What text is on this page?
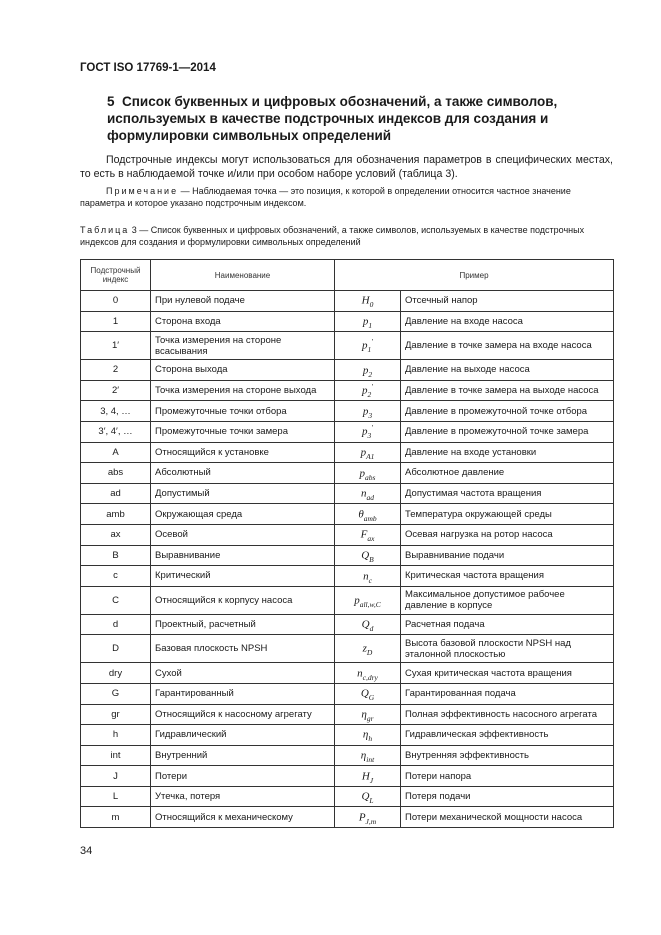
ГОСТ ISO 17769-1—2014
5 Список буквенных и цифровых обозначений, а также символов, используемых в качестве подстрочных индексов для создания и формулировки символьных определений
Подстрочные индексы могут использоваться для обозначения параметров в специфических местах, то есть в наблюдаемой точке и/или при особом наборе условий (таблица 3).
Примечание — Наблюдаемая точка — это позиция, к которой в определении относится частное значение параметра и которое указано подстрочным индексом.
Таблица 3 — Список буквенных и цифровых обозначений, а также символов, используемых в качестве подстрочных индексов для создания и формулировки символьных определений
Подстрочный индекс	Наименование	Пример	
0	При нулевой подаче	$H_0$	Отсечный напор
1	Сторона входа	$p_1$	Давление на входе насоса
1′	Точка измерения на стороне всасывания	$p_1'$	Давление в точке замера на входе насоса
2	Сторона выхода	$p_2$	Давление на выходе насоса
2′	Точка измерения на стороне выхода	$p_2'$	Давление в точке замера на выходе насоса
3, 4, …	Промежуточные точки отбора	$p_3$	Давление в промежуточной точке отбора
3′, 4′, …	Промежуточные точки замера	$p_3'$	Давление в промежуточной точке замера
A	Относящийся к установке	$p_{A1}$	Давление на входе установки
abs	Абсолютный	$p_{abs}$	Абсолютное давление
ad	Допустимый	$n_{ad}$	Допустимая частота вращения
amb	Окружающая среда	$\theta_{amb}$	Температура окружающей среды
ax	Осевой	$F_{ax}$	Осевая нагрузка на ротор насоса
B	Выравнивание	$Q_B$	Выравнивание подачи
c	Критический	$n_c$	Критическая частота вращения
C	Относящийся к корпусу насоса	$p_{all,w,C}$	Максимальное допустимое рабочее давление в корпусе
d	Проектный, расчетный	$Q_d$	Расчетная подача
D	Базовая плоскость NPSH	$z_D$	Высота базовой плоскости NPSH над эталонной плоскостью
dry	Сухой	$n_{c,dry}$	Сухая критическая частота вращения
G	Гарантированный	$Q_G$	Гарантированная подача
gr	Относящийся к насосному агрегату	$\eta_{gr}$	Полная эффективность насосного агрегата
h	Гидравлический	$\eta_h$	Гидравлическая эффективность
int	Внутренний	$\eta_{int}$	Внутренняя эффективность
J	Потери	$H_J$	Потери напора
L	Утечка, потеря	$Q_L$	Потеря подачи
m	Относящийся к механическому	$P_{J,m}$	Потери механической мощности насоса
34
